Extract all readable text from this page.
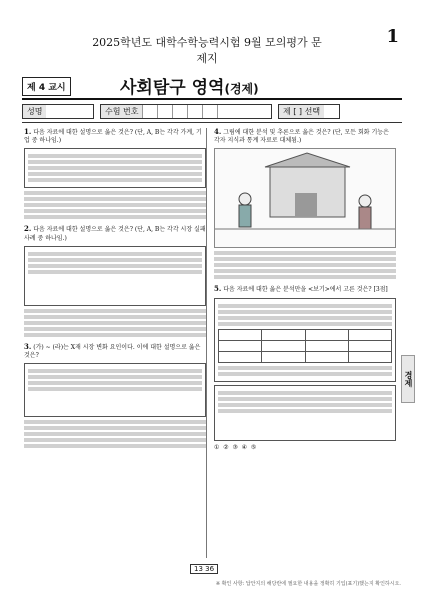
2025학년도 대학수학능력시험 9월 모의평가 문제지
1
제 4 교시	사회탐구 영역(경제)
성명	수험 번호	제 [ ] 선택
1. 다음 자료에 대한 설명으로 옳은 것은? (단, A, B는 각각 가계, 기업 중 하나임.)
2. 다음 자료에 대한 설명으로 옳은 것은? (단, A, B는 각각 시장 실패 사례 중 하나임.)
3. (가) ~ (라)는 X재 시장 변화 요인이다. 이에 대한 설명으로 옳은 것은?
4. 그림에 대한 분석 및 추론으로 옳은 것은? (단, 모든 회화 기능은 각자 지식과 통계 자료로 대체됨.)
5. 다음 자료에 대한 옳은 분석만을 <보기>에서 고른 것은? [3점]

① ② ③ ④ ⑤
경제
13 36
※ 확인 사항: 답안지의 해당란에 필요한 내용을 정확히 기입(표기)했는지 확인하시오.
